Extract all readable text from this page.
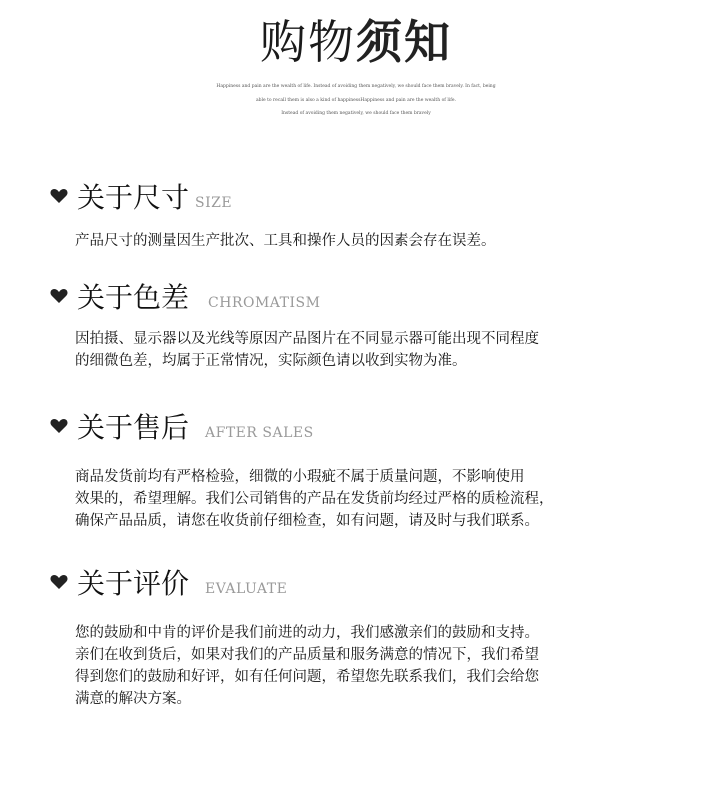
购物须知
Happiness and pain are the wealth of life. Instead of avoiding them negatively, we should face them bravely. In fact, being
able to recall them is also a kind of happinessHappiness and pain are the wealth of life.
Instead of avoiding them negatively, we should face them bravely
关于尺寸 SIZE
产品尺寸的测量因生产批次、工具和操作人员的因素会存在误差。
关于色差 CHROMATISM
因拍摄、显示器以及光线等原因产品图片在不同显示器可能出现不同程度
的细微色差，均属于正常情况，实际颜色请以收到实物为准。
关于售后 AFTER SALES
商品发货前均有严格检验，细微的小瑕疵不属于质量问题，不影响使用
效果的，希望理解。我们公司销售的产品在发货前均经过严格的质检流程，
确保产品品质，请您在收货前仔细检查，如有问题，请及时与我们联系。
关于评价 EVALUATE
您的鼓励和中肯的评价是我们前进的动力，我们感激亲们的鼓励和支持。
亲们在收到货后，如果对我们的产品质量和服务满意的情况下，我们希望
得到您们的鼓励和好评，如有任何问题，希望您先联系我们，我们会给您
满意的解决方案。
